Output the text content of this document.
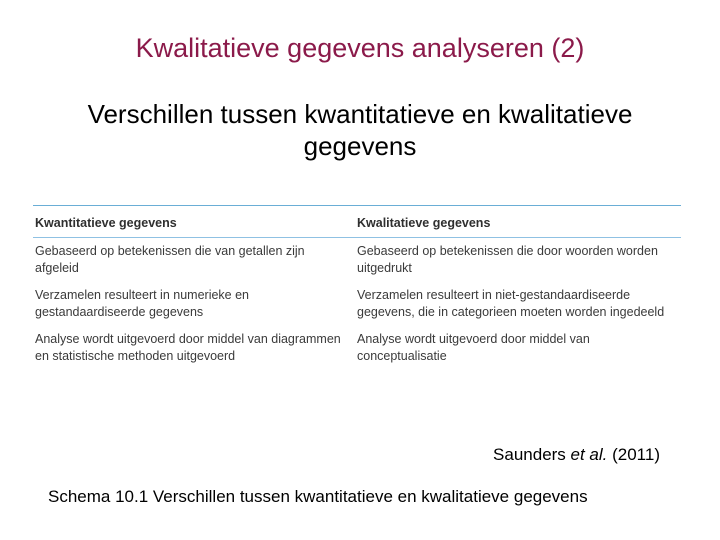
Kwalitatieve gegevens analyseren (2)
Verschillen tussen kwantitatieve en kwalitatieve gegevens
Kwantitatieve gegevens	Kwalitatieve gegevens
Gebaseerd op betekenissen die van getallen zijn afgeleid
Gebaseerd op betekenissen die door woorden worden uitgedrukt
Verzamelen resulteert in numerieke en gestandaardiseerde gegevens
Verzamelen resulteert in niet-gestandaardiseerde gegevens, die in categorieen moeten worden ingedeeld
Analyse wordt uitgevoerd door middel van diagrammen en statistische methoden uitgevoerd
Analyse wordt uitgevoerd door middel van conceptualisatie
Saunders et al. (2011)
Schema 10.1 Verschillen tussen kwantitatieve en kwalitatieve gegevens
